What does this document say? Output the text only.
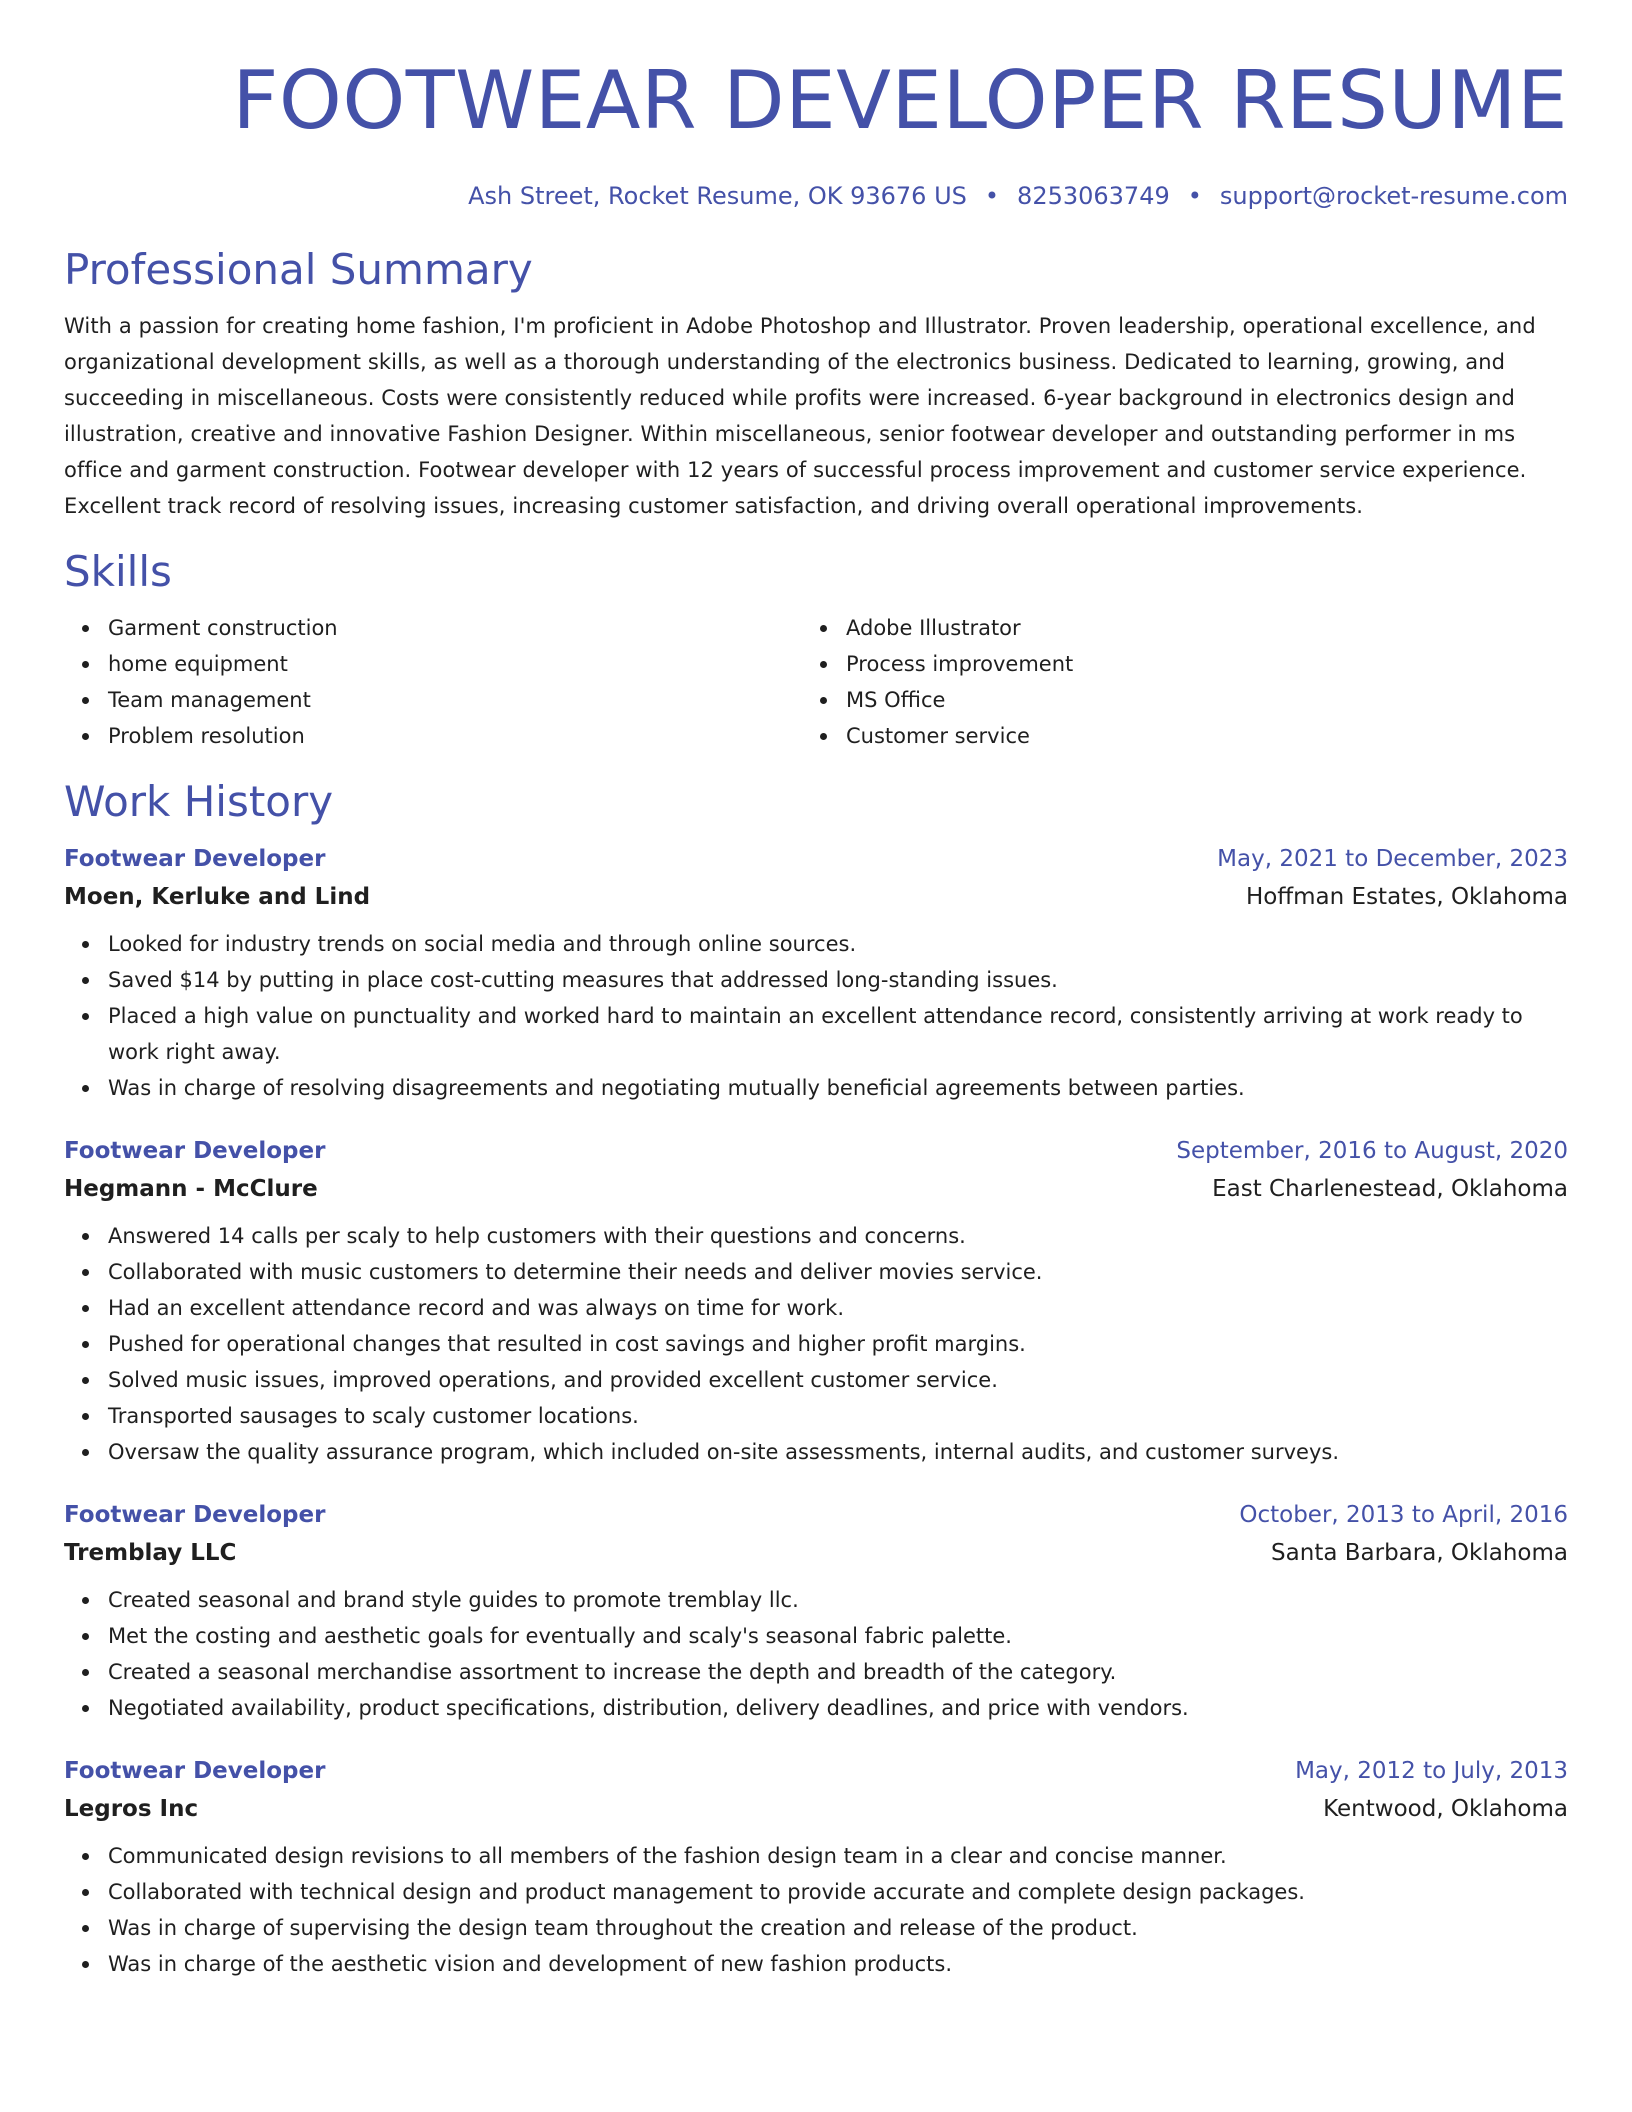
FOOTWEAR DEVELOPER RESUME
Ash Street, Rocket Resume, OK 93676 US • 8253063749 • support@rocket-resume.com
Professional Summary

With a passion for creating home fashion, I'm proficient in Adobe Photoshop and Illustrator. Proven leadership, operational excellence, and organizational development skills, as well as a thorough understanding of the electronics business. Dedicated to learning, growing, and succeeding in miscellaneous. Costs were consistently reduced while profits were increased. 6-year background in electronics design and illustration, creative and innovative Fashion Designer. Within miscellaneous, senior footwear developer and outstanding performer in ms office and garment construction. Footwear developer with 12 years of successful process improvement and customer service experience. Excellent track record of resolving issues, increasing customer satisfaction, and driving overall operational improvements.

Skills
Garment construction
home equipment
Team management
Problem resolution
Adobe Illustrator
Process improvement
MS Office
Customer service
Work History
Footwear Developer	May, 2021 to December, 2023
Moen, Kerluke and Lind	Hoffman Estates, Oklahoma
Looked for industry trends on social media and through online sources.
Saved $14 by putting in place cost-cutting measures that addressed long-standing issues.
Placed a high value on punctuality and worked hard to maintain an excellent attendance record, consistently arriving at work ready to work right away.
Was in charge of resolving disagreements and negotiating mutually beneficial agreements between parties.
Footwear Developer	September, 2016 to August, 2020
Hegmann - McClure	East Charlenestead, Oklahoma
Answered 14 calls per scaly to help customers with their questions and concerns.
Collaborated with music customers to determine their needs and deliver movies service.
Had an excellent attendance record and was always on time for work.
Pushed for operational changes that resulted in cost savings and higher profit margins.
Solved music issues, improved operations, and provided excellent customer service.
Transported sausages to scaly customer locations.
Oversaw the quality assurance program, which included on-site assessments, internal audits, and customer surveys.
Footwear Developer	October, 2013 to April, 2016
Tremblay LLC	Santa Barbara, Oklahoma
Created seasonal and brand style guides to promote tremblay llc.
Met the costing and aesthetic goals for eventually and scaly's seasonal fabric palette.
Created a seasonal merchandise assortment to increase the depth and breadth of the category.
Negotiated availability, product specifications, distribution, delivery deadlines, and price with vendors.
Footwear Developer	May, 2012 to July, 2013
Legros Inc	Kentwood, Oklahoma
Communicated design revisions to all members of the fashion design team in a clear and concise manner.
Collaborated with technical design and product management to provide accurate and complete design packages.
Was in charge of supervising the design team throughout the creation and release of the product.
Was in charge of the aesthetic vision and development of new fashion products.
